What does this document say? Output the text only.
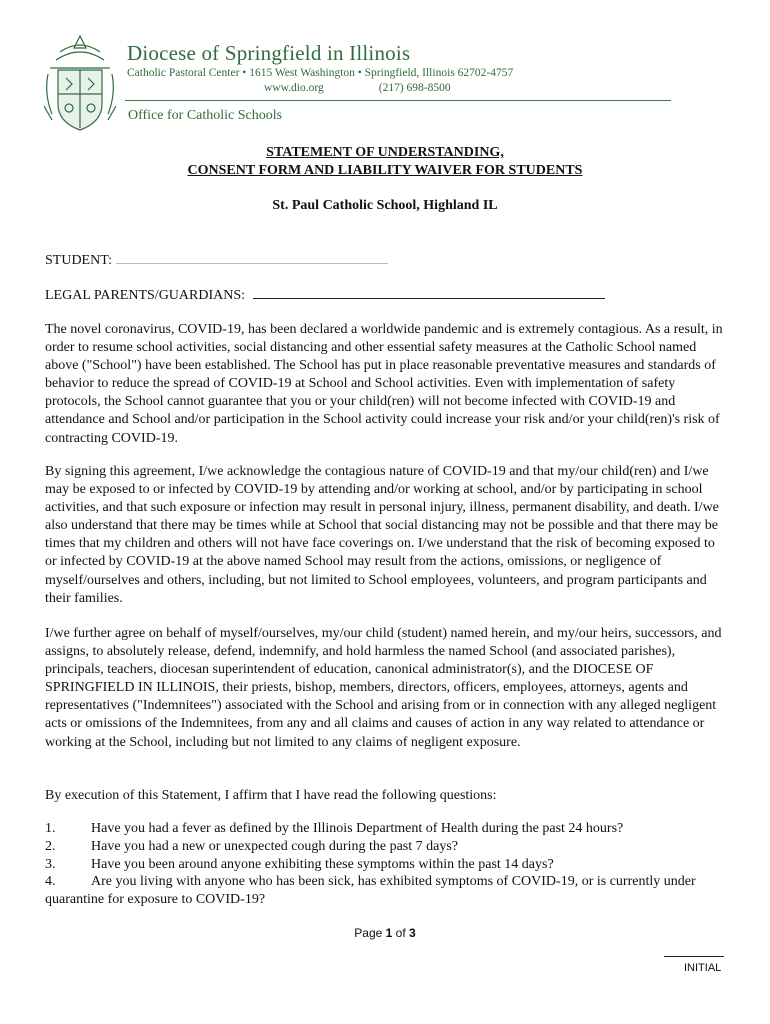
Diocese of Springfield in Illinois
Catholic Pastoral Center • 1615 West Washington • Springfield, Illinois 62702-4757
www.dio.org	(217) 698-8500
Office for Catholic Schools
STATEMENT OF UNDERSTANDING,
CONSENT FORM AND LIABILITY WAIVER FOR STUDENTS
St. Paul Catholic School, Highland IL
STUDENT:
LEGAL PARENTS/GUARDIANS:
The novel coronavirus, COVID-19, has been declared a worldwide pandemic and is extremely contagious. As a result, in order to resume school activities, social distancing and other essential safety measures at the Catholic School named above ("School") have been established. The School has put in place reasonable preventative measures and standards of behavior to reduce the spread of COVID-19 at School and School activities. Even with implementation of safety protocols, the School cannot guarantee that you or your child(ren) will not become infected with COVID-19 and attendance and School and/or participation in the School activity could increase your risk and/or your child(ren)'s risk of contracting COVID-19.
By signing this agreement, I/we acknowledge the contagious nature of COVID-19 and that my/our child(ren) and I/we may be exposed to or infected by COVID-19 by attending and/or working at school, and/or by participating in school activities, and that such exposure or infection may result in personal injury, illness, permanent disability, and death. I/we also understand that there may be times while at School that social distancing may not be possible and that there may be times that my children and others will not have face coverings on. I/we understand that the risk of becoming exposed to or infected by COVID-19 at the above named School may result from the actions, omissions, or negligence of myself/ourselves and others, including, but not limited to School employees, volunteers, and program participants and their families.
I/we further agree on behalf of myself/ourselves, my/our child (student) named herein, and my/our heirs, successors, and assigns, to absolutely release, defend, indemnify, and hold harmless the named School (and associated parishes), principals, teachers, diocesan superintendent of education, canonical administrator(s), and the DIOCESE OF SPRINGFIELD IN ILLINOIS, their priests, bishop, members, directors, officers, employees, attorneys, agents and representatives ("Indemnitees") associated with the School and arising from or in connection with any alleged negligent acts or omissions of the Indemnitees, from any and all claims and causes of action in any way related to attendance or working at the School, including but not limited to any claims of negligent exposure.
By execution of this Statement, I affirm that I have read the following questions:
1.	Have you had a fever as defined by the Illinois Department of Health during the past 24 hours?
2.	Have you had a new or unexpected cough during the past 7 days?
3.	Have you been around anyone exhibiting these symptoms within the past 14 days?
4.	Are you living with anyone who has been sick, has exhibited symptoms of COVID-19, or is currently under quarantine for exposure to COVID-19?
Page 1 of 3
INITIAL
